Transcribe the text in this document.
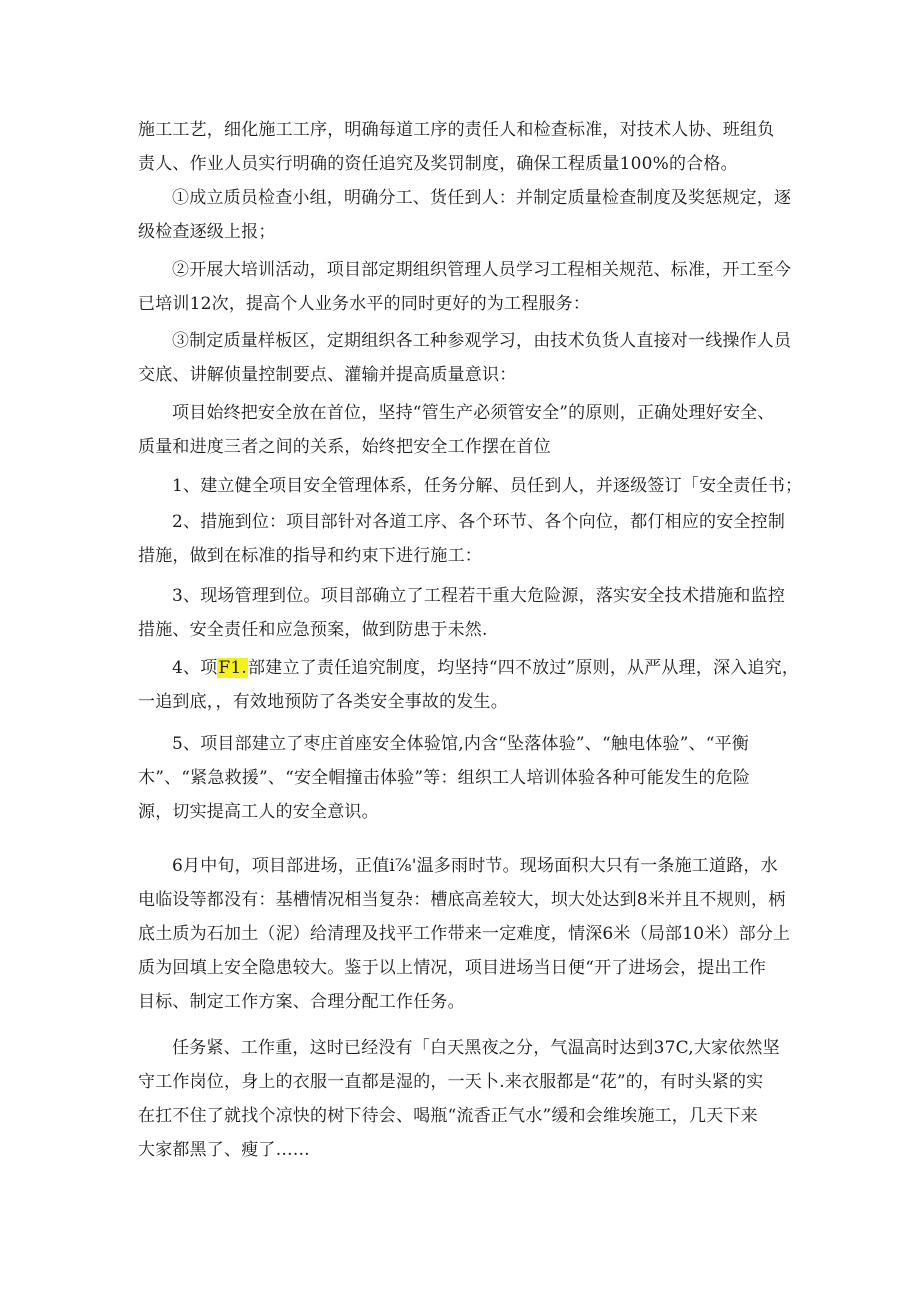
施工工艺，细化施工工序，明确每道工序的责任人和检查标准，对技术人协、班组负
责人、作业人员实行明确的资任追究及奖罚制度，确保工程质量100%的合格。

①成立质员检查小组，明确分工、货任到人：并制定质量检查制度及奖惩规定，逐
级检查逐级上报；

②开展大培训活动，项目部定期组织管理人员学习工程相关规范、标准，开工至今
已培训12次，提高个人业务水平的同时更好的为工程服务：

③制定质量样板区，定期组织各工种参观学习，由技术负货人直接对一线操作人员
交底、讲解侦量控制要点、灌输并提高质量意识：

项目始终把安全放在首位，坚持“管生产必须管安全”的原则，正确处理好安全、
质量和进度三者之间的关系，始终把安全工作摆在首位

1、建立健全项目安全管理体系，任务分解、员任到人，并逐级签订「安全责任书；

2、措施到位：项目部针对各道工序、各个环节、各个向位，都仃相应的安全控制
措施，做到在标准的指导和约束下进行施工：

3、现场管理到位。项目部确立了工程若干重大危险源，落实安全技术措施和监控
措施、安全责任和应急预案，做到防患于未然.

4、项F1.部建立了责任追究制度，均坚持“四不放过”原则，从严从理，深入追究，
一追到底，，有效地预防了各类安全事故的发生。

5、项目部建立了枣庄首座安全体验馆,内含“坠落体验”、“触电体验”、“平衡
木”、“紧急救援”、“安全帽撞击体验”等：组织工人培训体验各种可能发生的危险
源，切实提高工人的安全意识。

6月中旬，项目部进场，正值i⅞'温多雨时节。现场面积大只有一条施工道路，水
电临设等都没有：基槽情况相当复杂：槽底高差较大，坝大处达到8米并且不规则，柄
底土质为石加土（泥）给清理及找平工作带来一定难度，情深6米（局部10米）部分上
质为回填上安全隐患较大。鉴于以上情况，项目进场当日便“开了进场会，提出工作
目标、制定工作方案、合理分配工作任务。

任务紧、工作重，这时已经没有「白天黑夜之分，气温高时达到37C,大家依然坚
守工作岗位，身上的衣服一直都是湿的，一天卜.来衣服都是“花”的，有时头紧的实
在扛不住了就找个凉快的树下待会、喝瓶“流香正气水”缓和会维埃施工，几天下来
大家都黑了、瘦了……
